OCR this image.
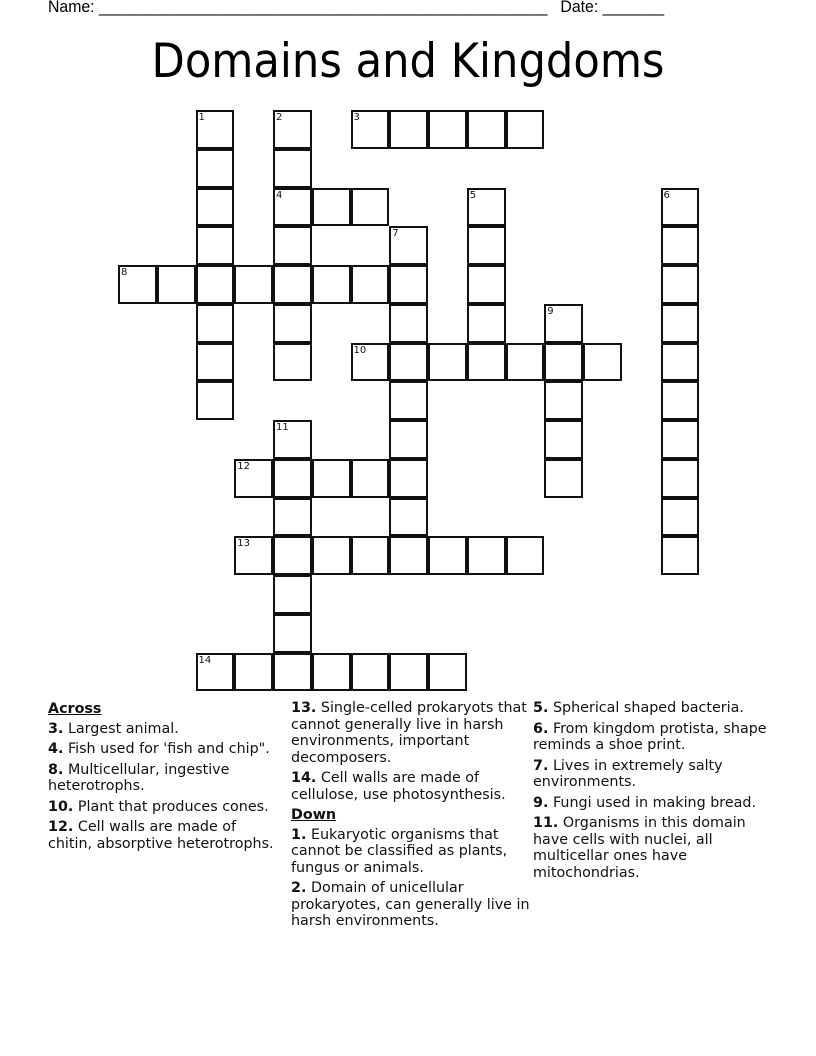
Name: ___________________________________________________ Date: _______
Domains and Kingdoms
1	2
4
3
5	6
7
8
9
10
11
12
13
14
Across
3. Largest animal.
4. Fish used for 'fish and chip".
8. Multicellular, ingestive heterotrophs.
10. Plant that produces cones.
12. Cell walls are made of chitin, absorptive heterotrophs.
13. Single-celled prokaryots that cannot generally live in harsh environments, important decomposers.
14. Cell walls are made of cellulose, use photosynthesis.
Down
1. Eukaryotic organisms that cannot be classified as plants, fungus or animals.
2. Domain of unicellular prokaryotes, can generally live in harsh environments.
5. Spherical shaped bacteria.
6. From kingdom protista, shape reminds a shoe print.
7. Lives in extremely salty environments.
9. Fungi used in making bread.
11. Organisms in this domain have cells with nuclei, all multicellar ones have mitochondrias.
